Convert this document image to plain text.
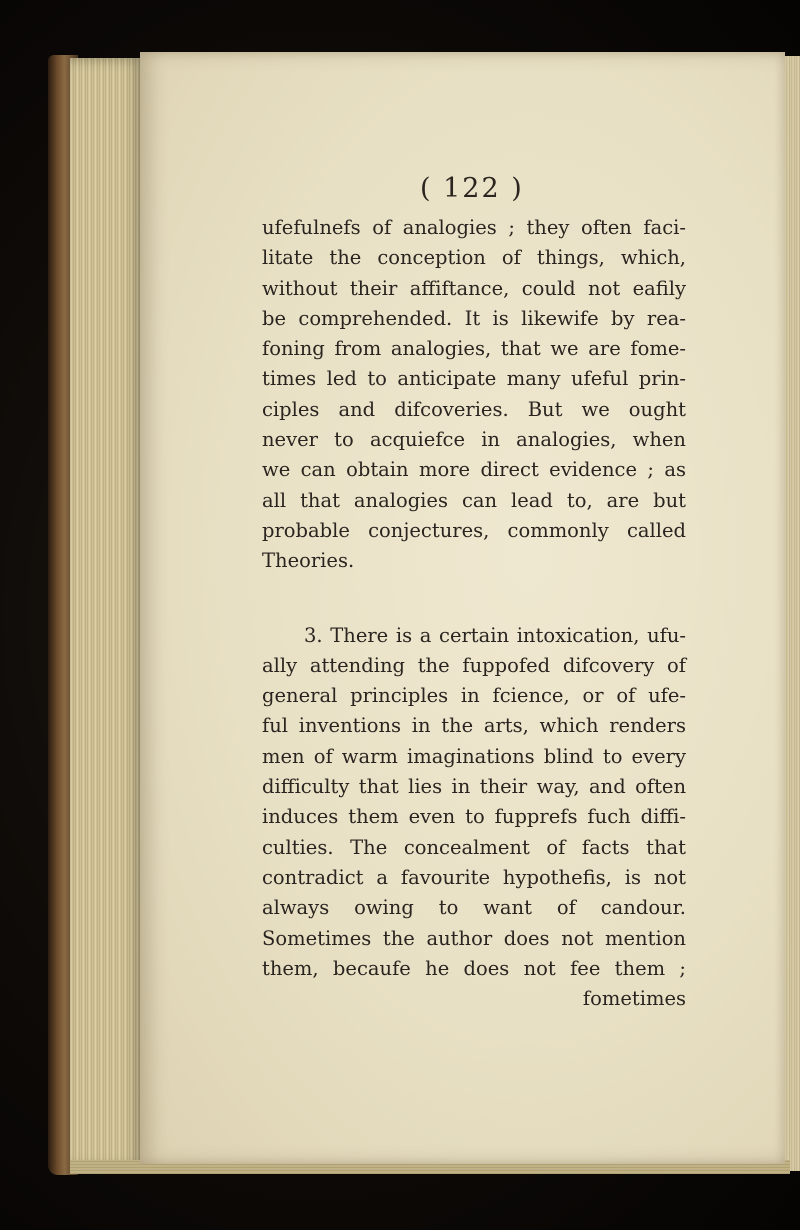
( 122 )
ufefulnefs of analogies ; they often faci-
litate the conception of things, which,
without their affiftance, could not eafily
be comprehended. It is likewife by rea-
foning from analogies, that we are fome-
times led to anticipate many ufeful prin-
ciples and difcoveries. But we ought
never to acquiefce in analogies, when
we can obtain more direct evidence ; as
all that analogies can lead to, are but
probable conjectures, commonly called
Theories.
3. There is a certain intoxication, ufu-
ally attending the fuppofed difcovery of
general principles in fcience, or of ufe-
ful inventions in the arts, which renders
men of warm imaginations blind to every
difficulty that lies in their way, and often
induces them even to fupprefs fuch diffi-
culties. The concealment of facts that
contradict a favourite hypothefis, is not
always owing to want of candour.
Sometimes the author does not mention
them, becaufe he does not fee them ;
fometimes
